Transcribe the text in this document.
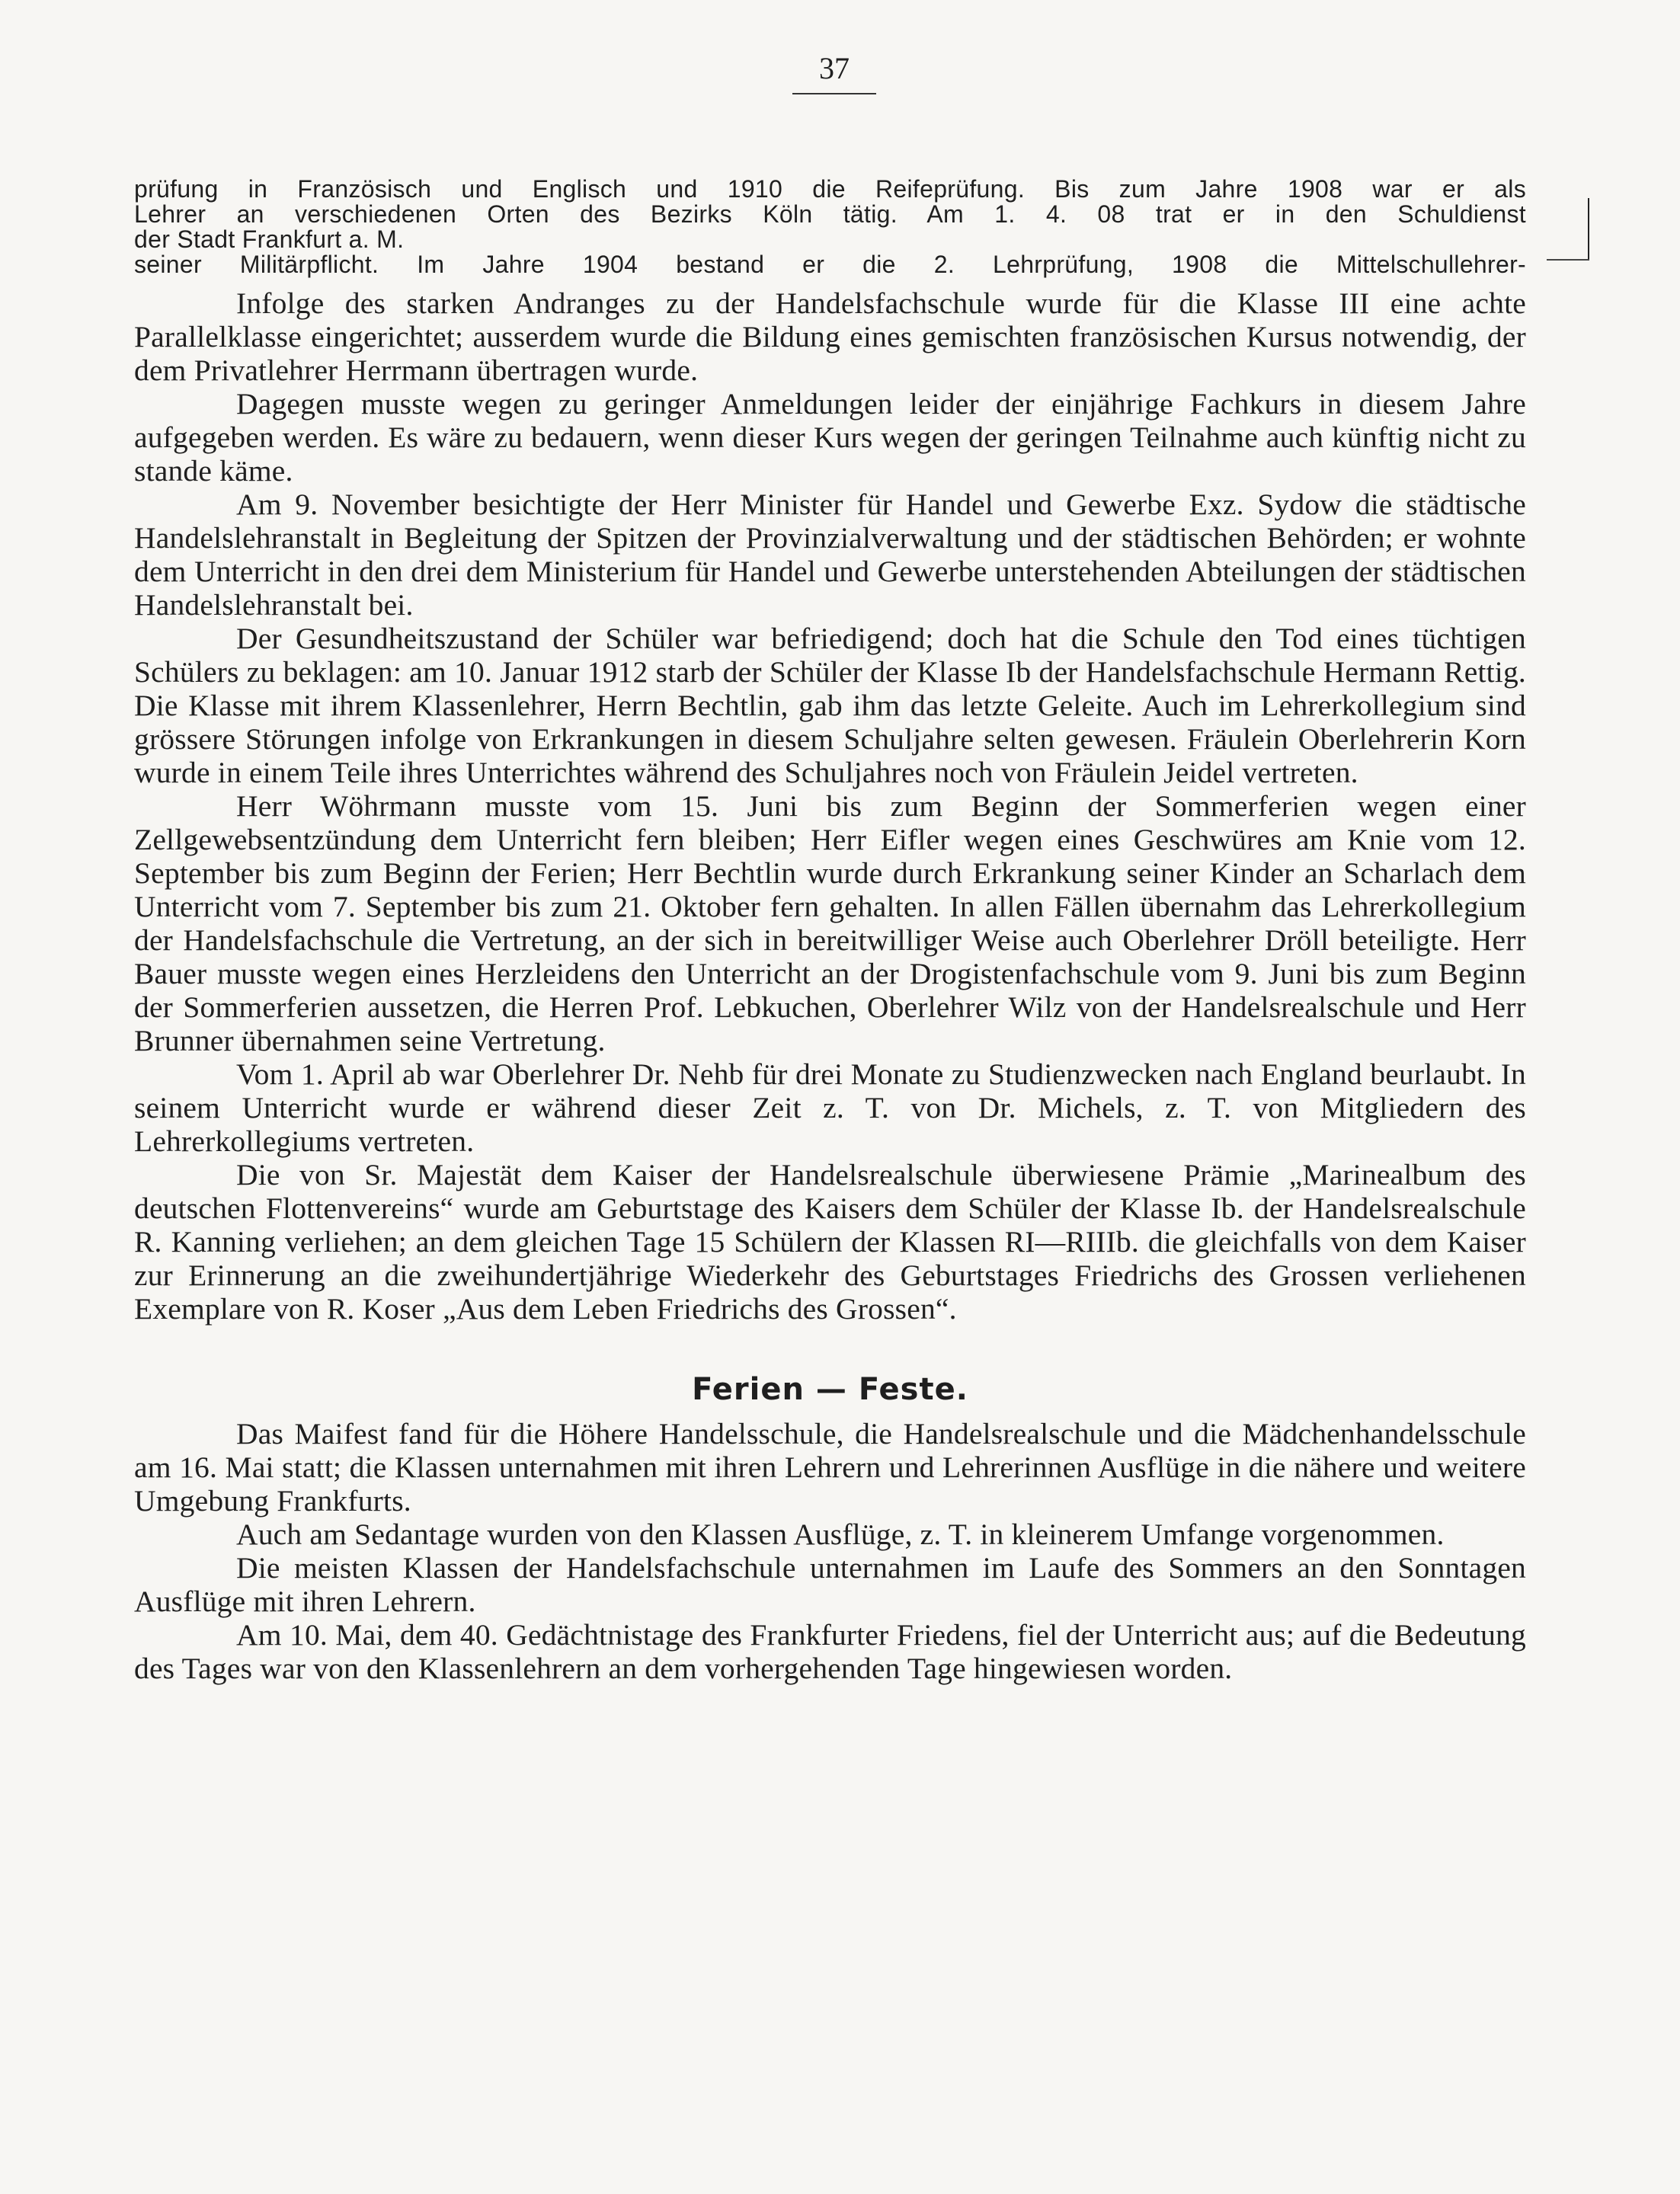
37

prüfung in Französisch und Englisch und 1910 die Reifeprüfung. Bis zum Jahre 1908 war er als

Lehrer an verschiedenen Orten des Bezirks Köln tätig. Am 1. 4. 08 trat er in den Schuldienst

der Stadt Frankfurt a. M.

seiner Militärpflicht. Im Jahre 1904 bestand er die 2. Lehrprüfung, 1908 die Mittelschullehrer-

Infolge des starken Andranges zu der Handelsfachschule wurde für die Klasse III eine achte Parallelklasse eingerichtet; ausserdem wurde die Bildung eines gemischten französischen Kursus notwendig, der dem Privatlehrer Herrmann übertragen wurde.

Dagegen musste wegen zu geringer Anmeldungen leider der einjährige Fachkurs in diesem Jahre aufgegeben werden. Es wäre zu bedauern, wenn dieser Kurs wegen der geringen Teilnahme auch künftig nicht zu stande käme.

Am 9. November besichtigte der Herr Minister für Handel und Gewerbe Exz. Sydow die städtische Handelslehranstalt in Begleitung der Spitzen der Provinzialverwaltung und der städtischen Behörden; er wohnte dem Unterricht in den drei dem Ministerium für Handel und Gewerbe unterstehenden Abteilungen der städtischen Handelslehranstalt bei.

Der Gesundheitszustand der Schüler war befriedigend; doch hat die Schule den Tod eines tüchtigen Schülers zu beklagen: am 10. Januar 1912 starb der Schüler der Klasse Ib der Handelsfachschule Hermann Rettig. Die Klasse mit ihrem Klassenlehrer, Herrn Bechtlin, gab ihm das letzte Geleite. Auch im Lehrerkollegium sind grössere Störungen infolge von Erkrankungen in diesem Schuljahre selten gewesen. Fräulein Oberlehrerin Korn wurde in einem Teile ihres Unterrichtes während des Schuljahres noch von Fräulein Jeidel vertreten.

Herr Wöhrmann musste vom 15. Juni bis zum Beginn der Sommerferien wegen einer Zellgewebsentzündung dem Unterricht fern bleiben; Herr Eifler wegen eines Geschwüres am Knie vom 12. September bis zum Beginn der Ferien; Herr Bechtlin wurde durch Erkrankung seiner Kinder an Scharlach dem Unterricht vom 7. September bis zum 21. Oktober fern gehalten. In allen Fällen übernahm das Lehrerkollegium der Handelsfachschule die Vertretung, an der sich in bereitwilliger Weise auch Oberlehrer Dröll beteiligte. Herr Bauer musste wegen eines Herzleidens den Unterricht an der Drogistenfachschule vom 9. Juni bis zum Beginn der Sommerferien aussetzen, die Herren Prof. Lebkuchen, Oberlehrer Wilz von der Handelsrealschule und Herr Brunner übernahmen seine Vertretung.

Vom 1. April ab war Oberlehrer Dr. Nehb für drei Monate zu Studienzwecken nach England beurlaubt. In seinem Unterricht wurde er während dieser Zeit z. T. von Dr. Michels, z. T. von Mitgliedern des Lehrerkollegiums vertreten.

Die von Sr. Majestät dem Kaiser der Handelsrealschule überwiesene Prämie „Marinealbum des deutschen Flottenvereins“ wurde am Geburtstage des Kaisers dem Schüler der Klasse Ib. der Handelsrealschule R. Kanning verliehen; an dem gleichen Tage 15 Schülern der Klassen RI—RIIIb. die gleichfalls von dem Kaiser zur Erinnerung an die zweihundertjährige Wiederkehr des Geburtstages Friedrichs des Grossen verliehenen Exemplare von R. Koser „Aus dem Leben Friedrichs des Grossen“.

Ferien — Feste.

Das Maifest fand für die Höhere Handelsschule, die Handelsrealschule und die Mädchenhandelsschule am 16. Mai statt; die Klassen unternahmen mit ihren Lehrern und Lehrerinnen Ausflüge in die nähere und weitere Umgebung Frankfurts.

Auch am Sedantage wurden von den Klassen Ausflüge, z. T. in kleinerem Umfange vorgenommen.

Die meisten Klassen der Handelsfachschule unternahmen im Laufe des Sommers an den Sonntagen Ausflüge mit ihren Lehrern.

Am 10. Mai, dem 40. Gedächtnistage des Frankfurter Friedens, fiel der Unterricht aus; auf die Bedeutung des Tages war von den Klassenlehrern an dem vorhergehenden Tage hingewiesen worden.
